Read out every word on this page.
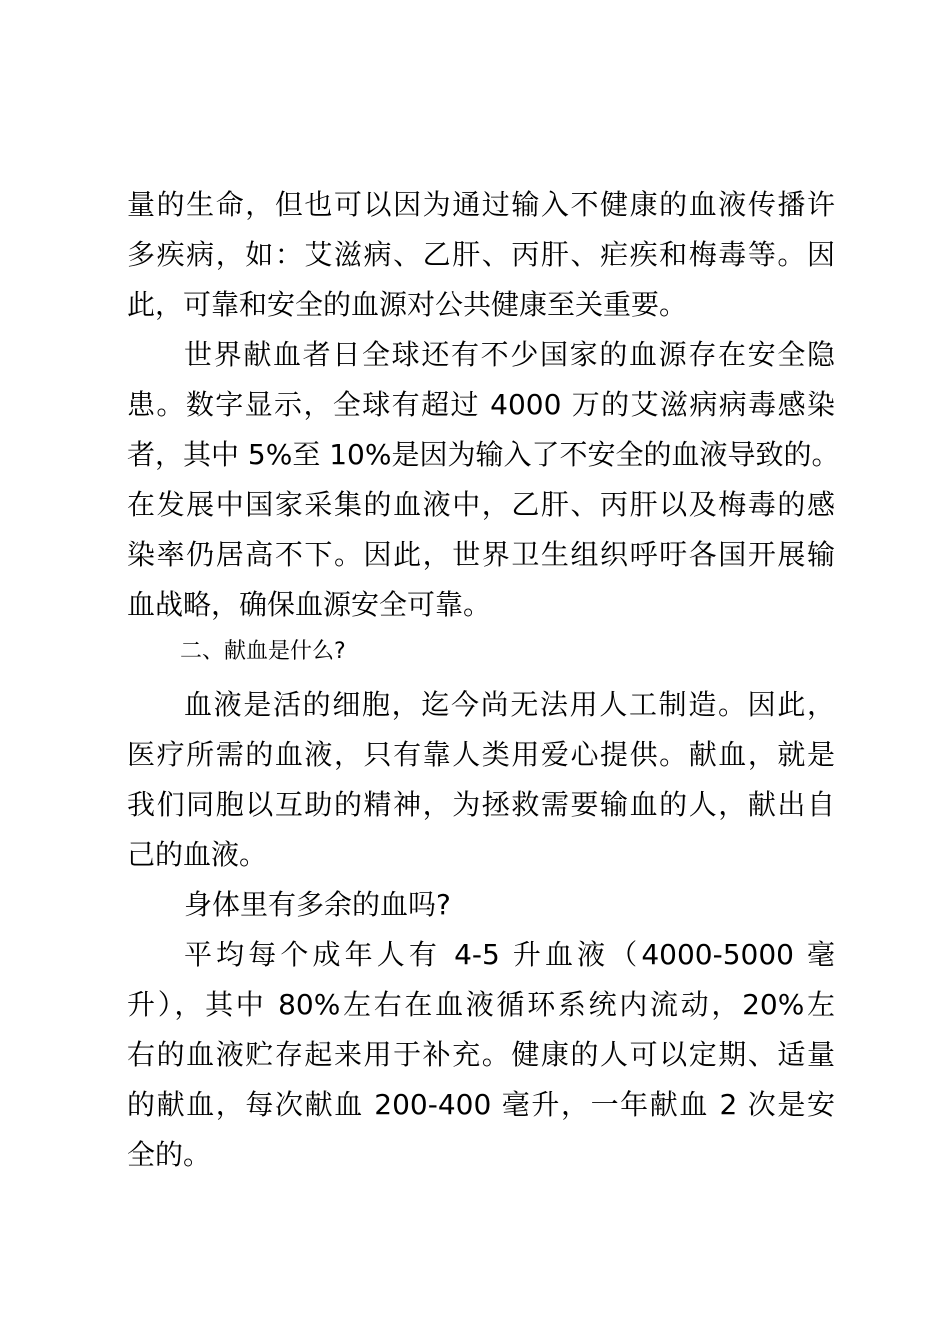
量的生命，但也可以因为通过输入不健康的血液传播许
多疾病，如：艾滋病、乙肝、丙肝、疟疾和梅毒等。因
此，可靠和安全的血源对公共健康至关重要。
世界献血者日全球还有不少国家的血源存在安全隐
患。数字显示，全球有超过 4000 万的艾滋病病毒感染
者，其中 5%至 10%是因为输入了不安全的血液导致的。
在发展中国家采集的血液中，乙肝、丙肝以及梅毒的感
染率仍居高不下。因此，世界卫生组织呼吁各国开展输
血战略，确保血源安全可靠。
二、献血是什么?
血液是活的细胞，迄今尚无法用人工制造。因此，
医疗所需的血液，只有靠人类用爱心提供。献血，就是
我们同胞以互助的精神，为拯救需要输血的人，献出自
己的血液。
身体里有多余的血吗?
平均每个成年人有 4-5 升血液（4000-5000 毫
升），其中 80%左右在血液循环系统内流动，20%左
右的血液贮存起来用于补充。健康的人可以定期、适量
的献血，每次献血 200-400 毫升，一年献血 2 次是安
全的。
